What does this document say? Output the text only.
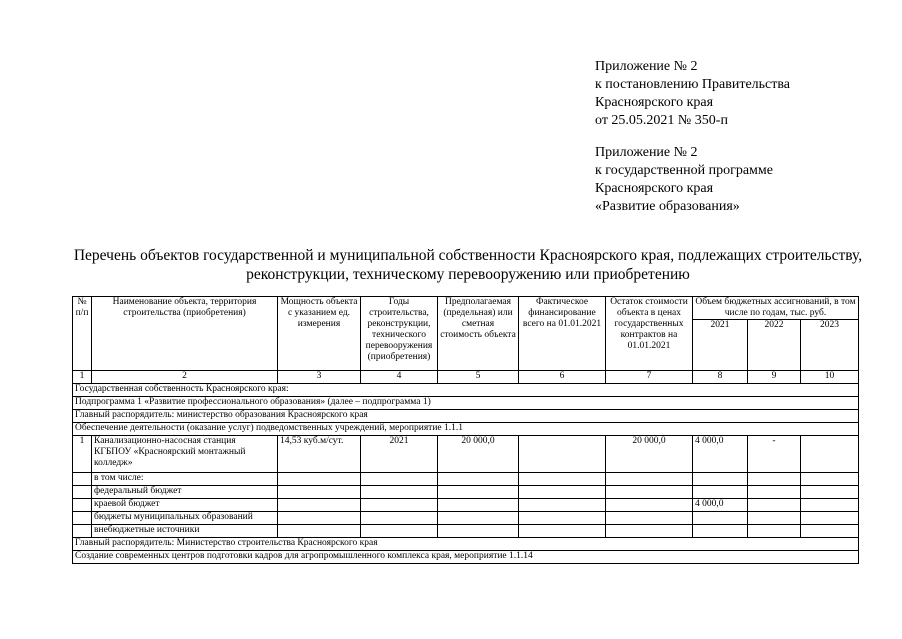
Приложение № 2
к постановлению Правительства
Красноярского края
от 25.05.2021 № 350-п
Приложение № 2
к государственной программе
Красноярского края
«Развитие образования»
Перечень объектов государственной и муниципальной собственности Красноярского края, подлежащих строительству,
реконструкции, техническому перевооружению или приобретению
№ п/п	Наименование объекта, территория строительства (приобретения)	Мощность объекта с указанием ед. измерения	Годы строительства, реконструкции, технического перевооружения (приобретения)	Предполагаемая (предельная) или сметная стоимость объекта	Фактическое финансирование всего на 01.01.2021	Остаток стоимости объекта в ценах государственных контрактов на 01.01.2021	Объем бюджетных ассигнований, в том числе по годам, тыс. руб.		
							2021	2022	2023
1	2	3	4	5	6	7	8	9	10
Государственная собственность Красноярского края:									
Подпрограмма 1 «Развитие профессионального образования» (далее – подпрограмма 1)									
Главный распорядитель: министерство образования Красноярского края									
Обеспечение деятельности (оказание услуг) подведомственных учреждений, мероприятие 1.1.1									
1	Канализационно-насосная станция КГБПОУ «Красноярский монтажный колледж»	14,53 куб.м/сут.	2021	20 000,0		20 000,0	4 000,0	-	
	в том числе:								
	федеральный бюджет								
	краевой бюджет						4 000,0		
	бюджеты муниципальных образований								
	внебюджетные источники								
Главный распорядитель: Министерство строительства Красноярского края									
Создание современных центров подготовки кадров для агропромышленного комплекса края, мероприятие 1.1.14									
